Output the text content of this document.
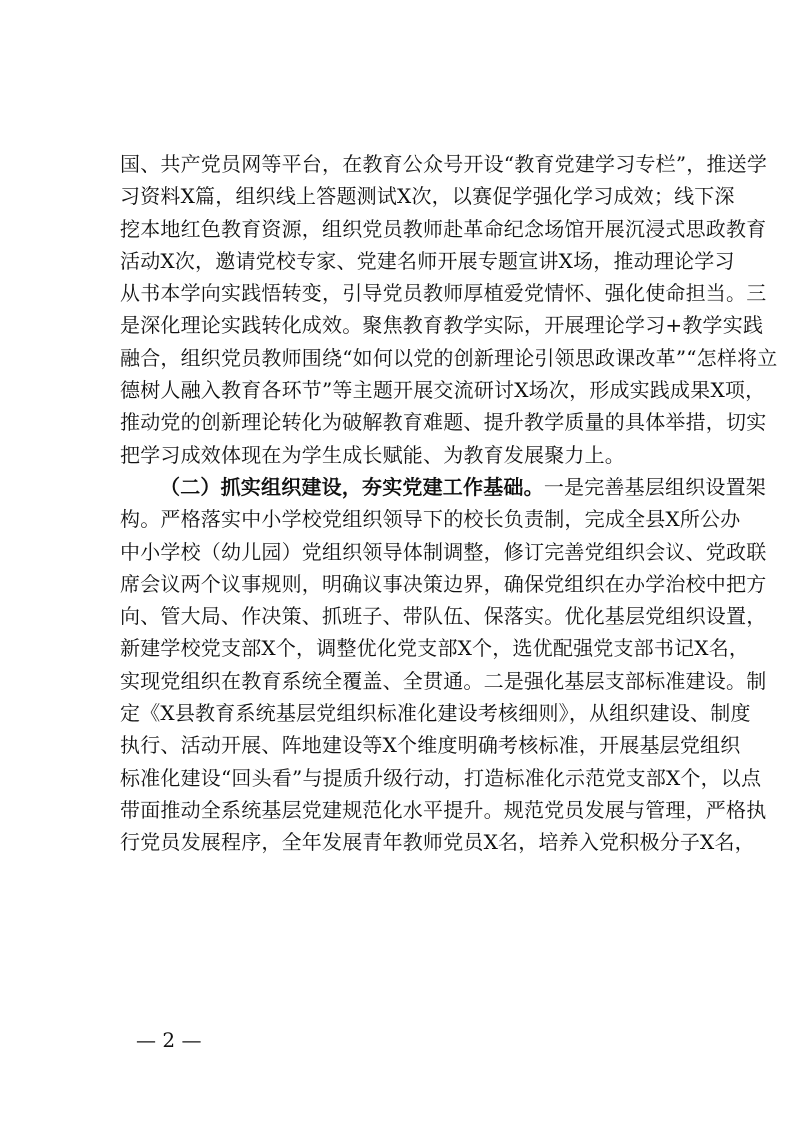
国、共产党员网等平台，在教育公众号开设“教育党建学习专栏”，推送学
习资料X篇，组织线上答题测试X次，以赛促学强化学习成效；线下深
挖本地红色教育资源，组织党员教师赴革命纪念场馆开展沉浸式思政教育
活动X次，邀请党校专家、党建名师开展专题宣讲X场，推动理论学习
从书本学向实践悟转变，引导党员教师厚植爱党情怀、强化使命担当。三
是深化理论实践转化成效。聚焦教育教学实际，开展理论学习+教学实践
融合，组织党员教师围绕“如何以党的创新理论引领思政课改革”“怎样将立
德树人融入教育各环节”等主题开展交流研讨X场次，形成实践成果X项，
推动党的创新理论转化为破解教育难题、提升教学质量的具体举措，切实
把学习成效体现在为学生成长赋能、为教育发展聚力上。
（二）抓实组织建设，夯实党建工作基础。一是完善基层组织设置架
构。严格落实中小学校党组织领导下的校长负责制，完成全县X所公办
中小学校（幼儿园）党组织领导体制调整，修订完善党组织会议、党政联
席会议两个议事规则，明确议事决策边界，确保党组织在办学治校中把方
向、管大局、作决策、抓班子、带队伍、保落实。优化基层党组织设置，
新建学校党支部X个，调整优化党支部X个，选优配强党支部书记X名，
实现党组织在教育系统全覆盖、全贯通。二是强化基层支部标准建设。制
定《X县教育系统基层党组织标准化建设考核细则》，从组织建设、制度
执行、活动开展、阵地建设等X个维度明确考核标准，开展基层党组织
标准化建设“回头看”与提质升级行动，打造标准化示范党支部X个，以点
带面推动全系统基层党建规范化水平提升。规范党员发展与管理，严格执
行党员发展程序，全年发展青年教师党员X名，培养入党积极分子X名，
— 2 —
